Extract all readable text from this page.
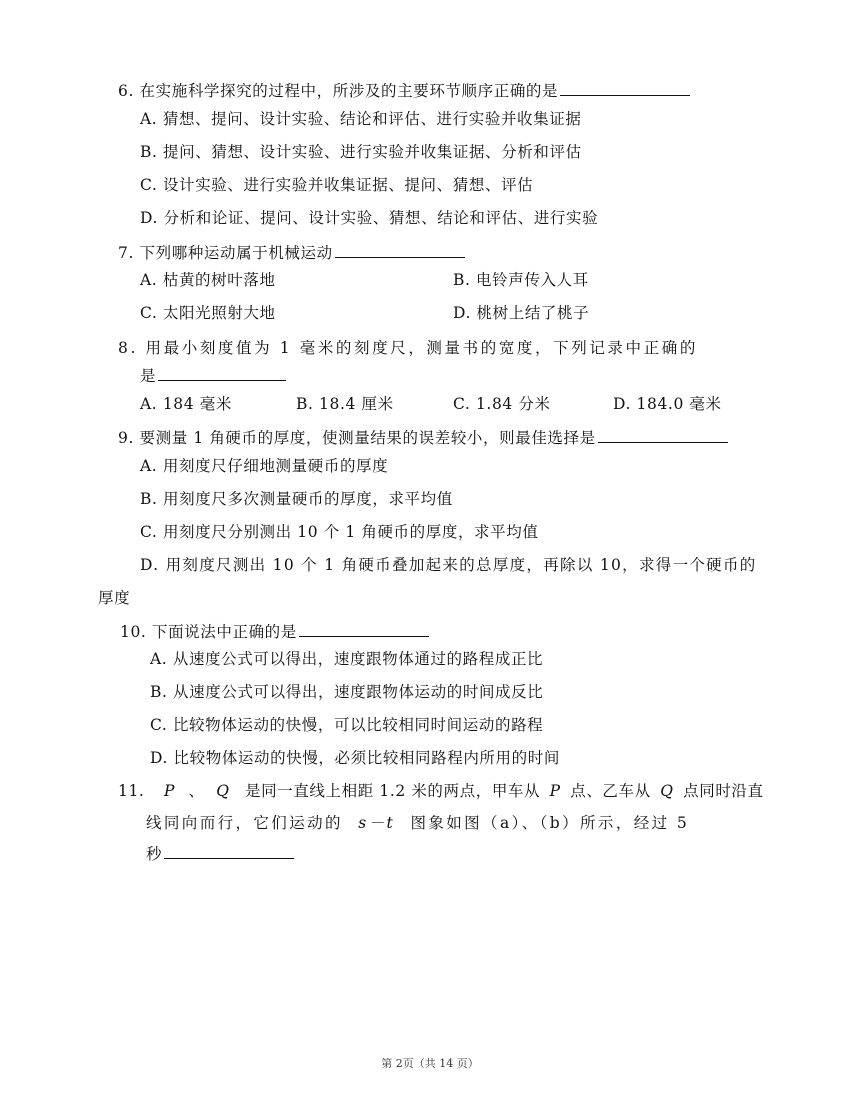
6. 在实施科学探究的过程中，所涉及的主要环节顺序正确的是
A. 猜想、提问、设计实验、结论和评估、进行实验并收集证据
B. 提问、猜想、设计实验、进行实验并收集证据、分析和评估
C. 设计实验、进行实验并收集证据、提问、猜想、评估
D. 分析和论证、提问、设计实验、猜想、结论和评估、进行实验
7. 下列哪种运动属于机械运动
A. 枯黄的树叶落地	B. 电铃声传入人耳
C. 太阳光照射大地	D. 桃树上结了桃子
8. 用最小刻度值为 1 毫米的刻度尺，测量书的宽度，下列记录中正确的
是
A. 184 毫米	B. 18.4 厘米	C. 1.84 分米	D. 184.0 毫米
9. 要测量 1 角硬币的厚度，使测量结果的误差较小，则最佳选择是
A. 用刻度尺仔细地测量硬币的厚度
B. 用刻度尺多次测量硬币的厚度，求平均值
C. 用刻度尺分别测出 10 个 1 角硬币的厚度，求平均值
D. 用刻度尺测出 10 个 1 角硬币叠加起来的总厚度，再除以 10，求得一个硬币的
厚度
10. 下面说法中正确的是
A. 从速度公式可以得出，速度跟物体通过的路程成正比
B. 从速度公式可以得出，速度跟物体运动的时间成反比
C. 比较物体运动的快慢，可以比较相同时间运动的路程
D. 比较物体运动的快慢，必须比较相同路程内所用的时间
11. P 、 Q 是同一直线上相距 1.2 米的两点，甲车从 P 点、乙车从 Q 点同时沿直
线同向而行，它们运动的 s－t 图象如图（a）、（b）所示，经过 5
秒
第 2页（共 14 页）
